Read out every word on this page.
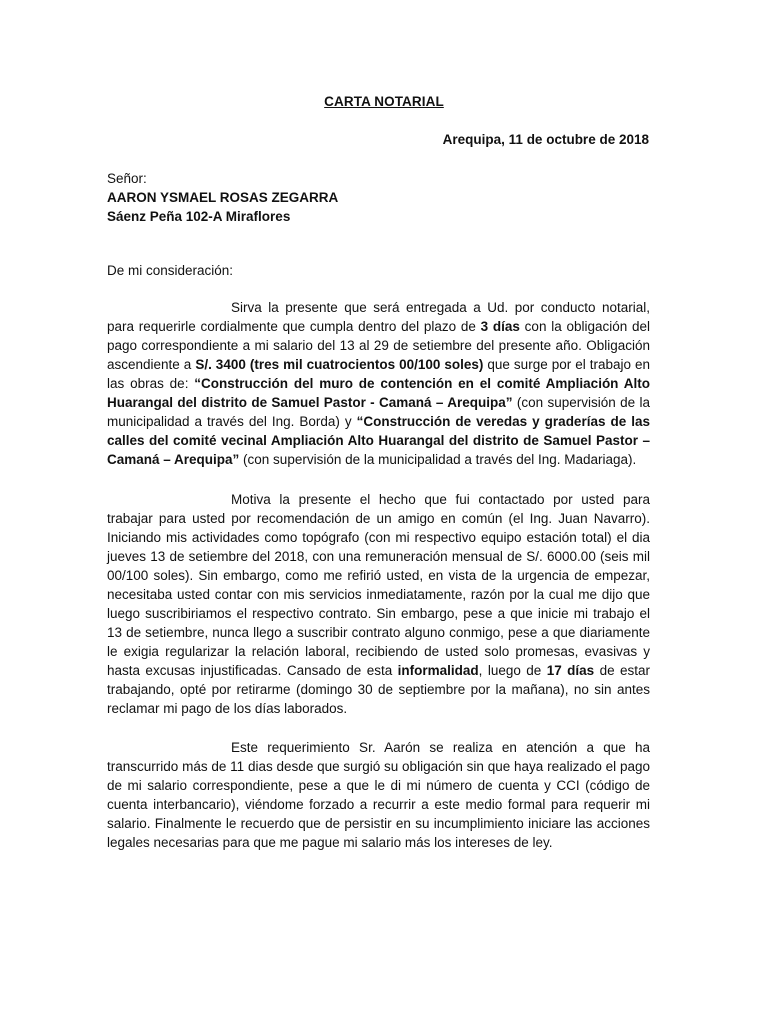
CARTA NOTARIAL
Arequipa, 11 de octubre de 2018
Señor:
AARON YSMAEL ROSAS ZEGARRA
Sáenz Peña 102-A Miraflores
De mi consideración:

Sirva la presente que será entregada a Ud. por conducto notarial, para requerirle cordialmente que cumpla dentro del plazo de 3 días con la obligación del pago correspondiente a mi salario del 13 al 29 de setiembre del presente año. Obligación ascendiente a S/. 3400 (tres mil cuatrocientos 00/100 soles) que surge por el trabajo en las obras de: “Construcción del muro de contención en el comité Ampliación Alto Huarangal del distrito de Samuel Pastor - Camaná – Arequipa” (con supervisión de la municipalidad a través del Ing. Borda) y “Construcción de veredas y graderías de las calles del comité vecinal Ampliación Alto Huarangal del distrito de Samuel Pastor – Camaná – Arequipa” (con supervisión de la municipalidad a través del Ing. Madariaga).

Motiva la presente el hecho que fui contactado por usted para trabajar para usted por recomendación de un amigo en común (el Ing. Juan Navarro). Iniciando mis actividades como topógrafo (con mi respectivo equipo estación total) el dia jueves 13 de setiembre del 2018, con una remuneración mensual de S/. 6000.00 (seis mil 00/100 soles). Sin embargo, como me refirió usted, en vista de la urgencia de empezar, necesitaba usted contar con mis servicios inmediatamente, razón por la cual me dijo que luego suscribiriamos el respectivo contrato. Sin embargo, pese a que inicie mi trabajo el 13 de setiembre, nunca llego a suscribir contrato alguno conmigo, pese a que diariamente le exigia regularizar la relación laboral, recibiendo de usted solo promesas, evasivas y hasta excusas injustificadas. Cansado de esta informalidad, luego de 17 días de estar trabajando, opté por retirarme (domingo 30 de septiembre por la mañana), no sin antes reclamar mi pago de los días laborados.

Este requerimiento Sr. Aarón se realiza en atención a que ha transcurrido más de 11 dias desde que surgió su obligación sin que haya realizado el pago de mi salario correspondiente, pese a que le di mi número de cuenta y CCI (código de cuenta interbancario), viéndome forzado a recurrir a este medio formal para requerir mi salario. Finalmente le recuerdo que de persistir en su incumplimiento iniciare las acciones legales necesarias para que me pague mi salario más los intereses de ley.
